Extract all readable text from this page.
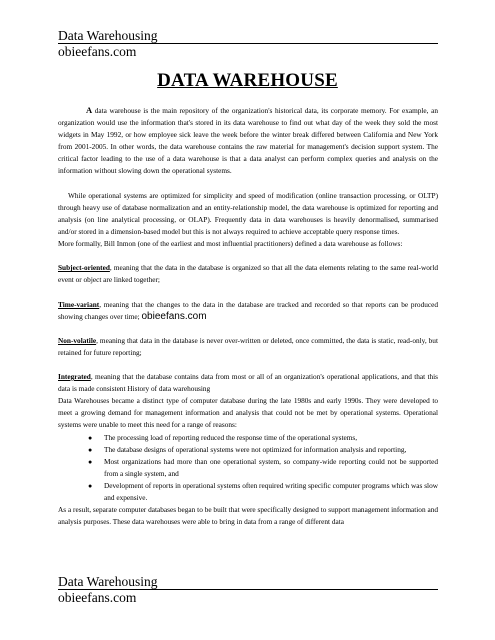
Data Warehousing
obieefans.com
DATA WAREHOUSE

A data warehouse is the main repository of the organization's historical data, its corporate memory. For example, an organization would use the information that's stored in its data warehouse to find out what day of the week they sold the most widgets in May 1992, or how employee sick leave the week before the winter break differed between California and New York from 2001-2005. In other words, the data warehouse contains the raw material for management's decision support system. The critical factor leading to the use of a data warehouse is that a data analyst can perform complex queries and analysis on the information without slowing down the operational systems.

While operational systems are optimized for simplicity and speed of modification (online transaction processing, or OLTP) through heavy use of database normalization and an entity-relationship model, the data warehouse is optimized for reporting and analysis (on line analytical processing, or OLAP). Frequently data in data warehouses is heavily denormalised, summarised and/or stored in a dimension-based model but this is not always required to achieve acceptable query response times.

More formally, Bill Inmon (one of the earliest and most influential practitioners) defined a data warehouse as follows:

Subject-oriented, meaning that the data in the database is organized so that all the data elements relating to the same real-world event or object are linked together;

Time-variant, meaning that the changes to the data in the database are tracked and recorded so that reports can be produced showing changes over time; obieefans.com

Non-volatile, meaning that data in the database is never over-written or deleted, once committed, the data is static, read-only, but retained for future reporting;

Integrated, meaning that the database contains data from most or all of an organization's operational applications, and that this data is made consistent History of data warehousing

Data Warehouses became a distinct type of computer database during the late 1980s and early 1990s. They were developed to meet a growing demand for management information and analysis that could not be met by operational systems. Operational systems were unable to meet this need for a range of reasons:

● The processing load of reporting reduced the response time of the operational systems,
● The database designs of operational systems were not optimized for information analysis and reporting,
● Most organizations had more than one operational system, so company-wide reporting could not be supported from a single system, and
● Development of reports in operational systems often required writing specific computer programs which was slow and expensive.

As a result, separate computer databases began to be built that were specifically designed to support management information and analysis purposes. These data warehouses were able to bring in data from a range of different data

Data Warehousing
obieefans.com
